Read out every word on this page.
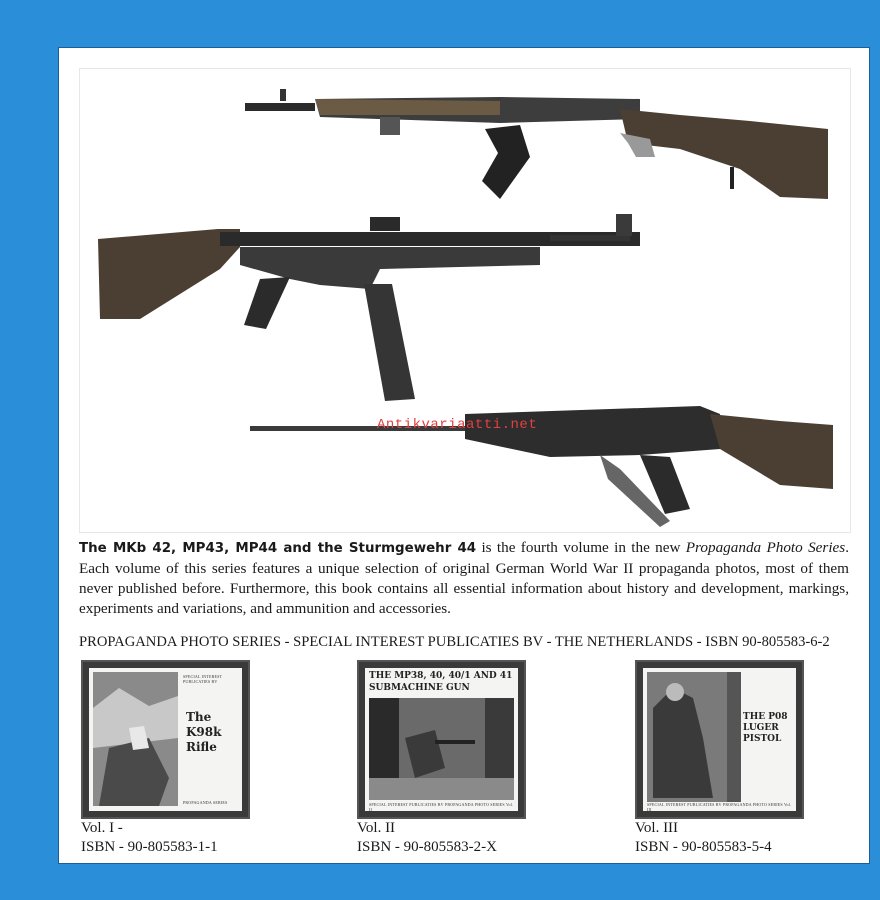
Antikvariaatti.net
The MKb 42, MP43, MP44 and the Sturmgewehr 44 is the fourth volume in the new Propaganda Photo Series. Each volume of this series features a unique selection of original German World War II propaganda photos, most of them never published before. Furthermore, this book contains all essential information about history and development, markings, experiments and variations, and ammunition and accessories.
PROPAGANDA PHOTO SERIES - SPECIAL INTEREST PUBLICATIES BV - THE NETHERLANDS - ISBN 90-805583-6-2
SPECIAL INTEREST PUBLICATIES BV
The K98k Rifle
PROPAGANDA SERIES
Vol. I -
ISBN - 90-805583-1-1
THE MP38, 40, 40/1 AND 41 SUBMACHINE GUN
SPECIAL INTEREST PUBLICATIES BV PROPAGANDA PHOTO SERIES Vol. II
Vol. II
ISBN - 90-805583-2-X
THE P08 LUGER PISTOL
SPECIAL INTEREST PUBLICATIES BV PROPAGANDA PHOTO SERIES Vol. III
Vol. III
ISBN - 90-805583-5-4
